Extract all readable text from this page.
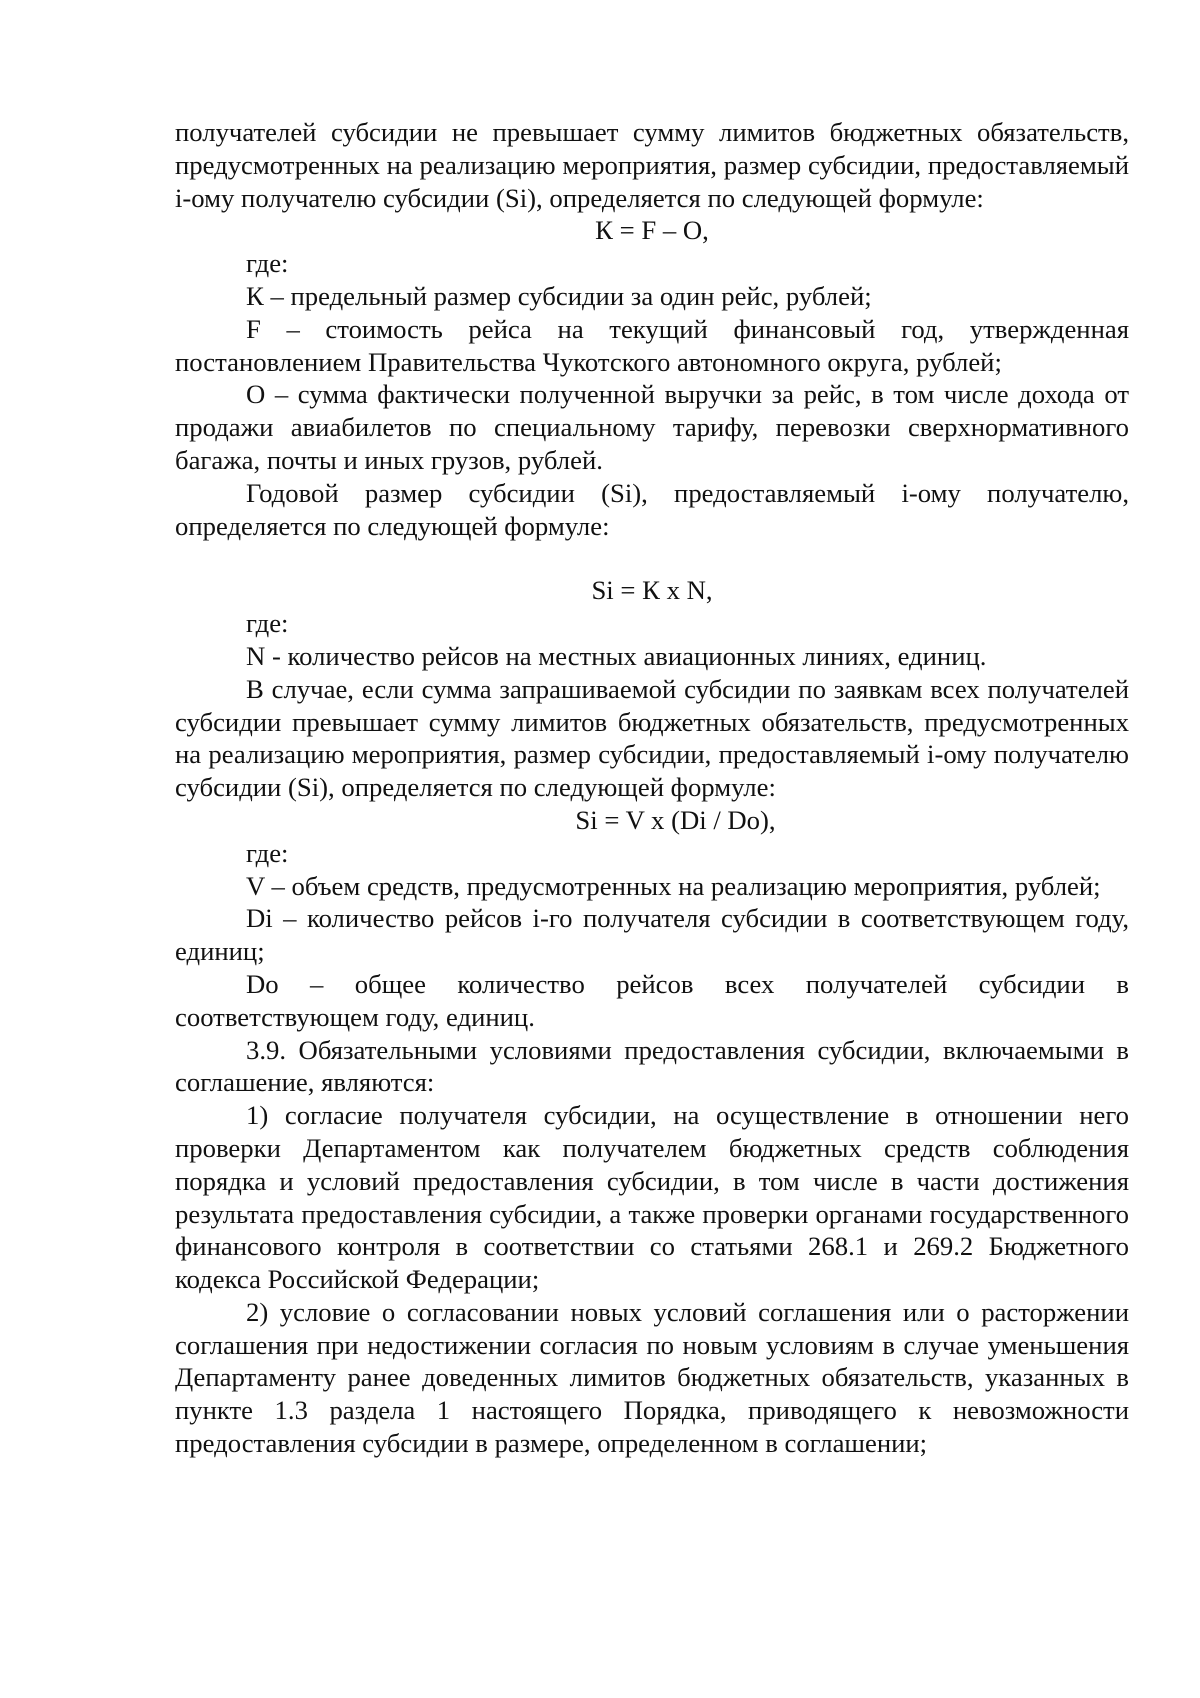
получателей субсидии не превышает сумму лимитов бюджетных обязательств, предусмотренных на реализацию мероприятия, размер субсидии, предоставляемый i-ому получателю субсидии (Si), определяется по следующей формуле:

К = F – O,

где:

К – предельный размер субсидии за один рейс, рублей;

F – стоимость рейса на текущий финансовый год, утвержденная постановлением Правительства Чукотского автономного округа, рублей;

O – сумма фактически полученной выручки за рейс, в том числе дохода от продажи авиабилетов по специальному тарифу, перевозки сверхнормативного багажа, почты и иных грузов, рублей.

Годовой размер субсидии (Si), предоставляемый i-ому получателю, определяется по следующей формуле:

Si = К х N,

где:

N - количество рейсов на местных авиационных линиях, единиц.

В случае, если сумма запрашиваемой субсидии по заявкам всех получателей субсидии превышает сумму лимитов бюджетных обязательств, предусмотренных на реализацию мероприятия, размер субсидии, предоставляемый i-ому получателю субсидии (Si), определяется по следующей формуле:

Si = V х (Di / Do),

где:

V – объем средств, предусмотренных на реализацию мероприятия, рублей;

Di – количество рейсов i-го получателя субсидии в соответствующем году, единиц;

Do – общее количество рейсов всех получателей субсидии в соответствующем году, единиц.

3.9. Обязательными условиями предоставления субсидии, включаемыми в соглашение, являются:

1) согласие получателя субсидии, на осуществление в отношении него проверки Департаментом как получателем бюджетных средств соблюдения порядка и условий предоставления субсидии, в том числе в части достижения результата предоставления субсидии, а также проверки органами государственного финансового контроля в соответствии со статьями 268.1 и 269.2 Бюджетного кодекса Российской Федерации;

2) условие о согласовании новых условий соглашения или о расторжении соглашения при недостижении согласия по новым условиям в случае уменьшения Департаменту ранее доведенных лимитов бюджетных обязательств, указанных в пункте 1.3 раздела 1 настоящего Порядка, приводящего к невозможности предоставления субсидии в размере, определенном в соглашении;
